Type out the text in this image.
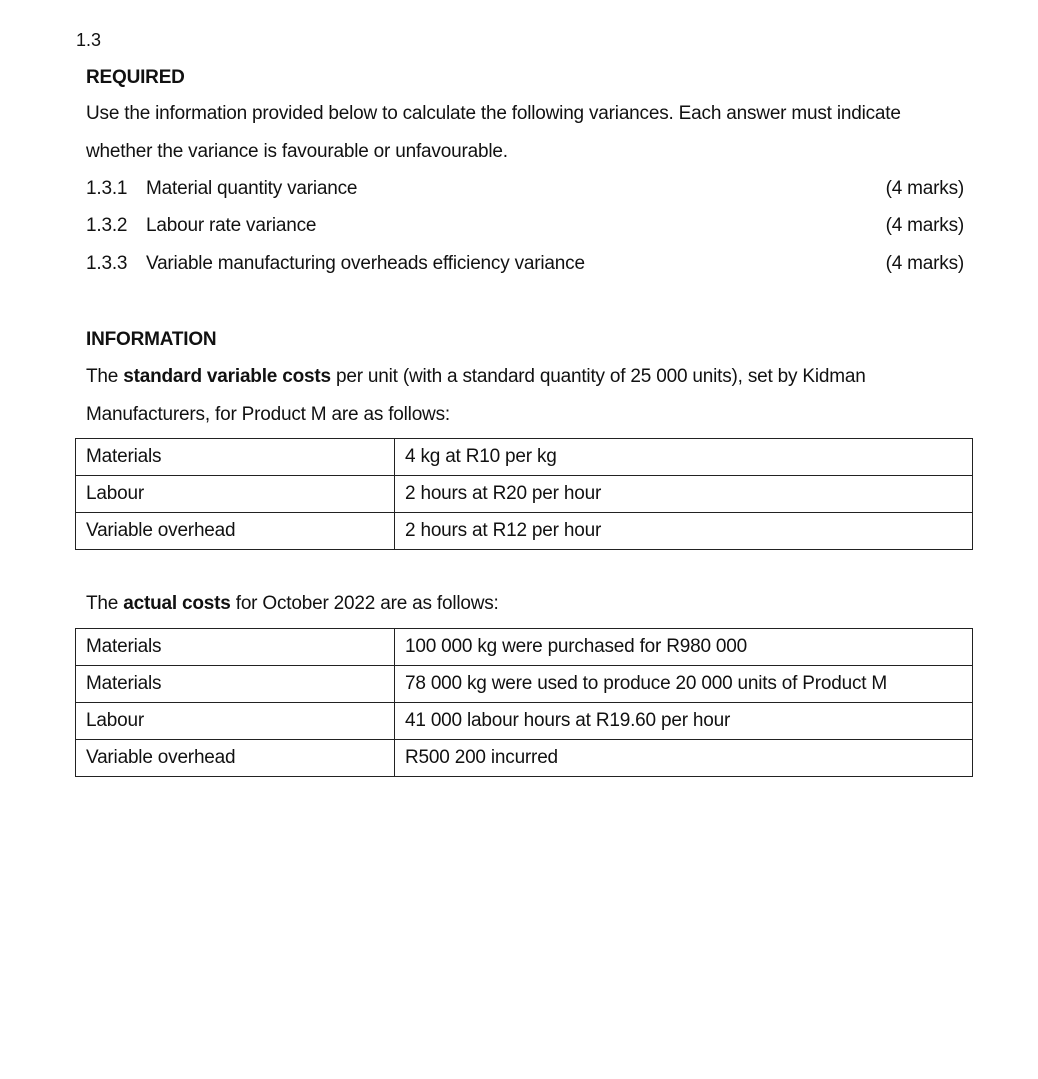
1.3
REQUIRED
Use the information provided below to calculate the following variances. Each answer must indicate whether the variance is favourable or unfavourable.
1.3.1 Material quantity variance	(4 marks)
1.3.2 Labour rate variance	(4 marks)
1.3.3 Variable manufacturing overheads efficiency variance	(4 marks)
INFORMATION
The standard variable costs per unit (with a standard quantity of 25 000 units), set by Kidman Manufacturers, for Product M are as follows:
Materials	4 kg at R10 per kg
Labour	2 hours at R20 per hour
Variable overhead	2 hours at R12 per hour
The actual costs for October 2022 are as follows:
Materials	100 000 kg were purchased for R980 000
Materials	78 000 kg were used to produce 20 000 units of Product M
Labour	41 000 labour hours at R19.60 per hour
Variable overhead	R500 200 incurred
